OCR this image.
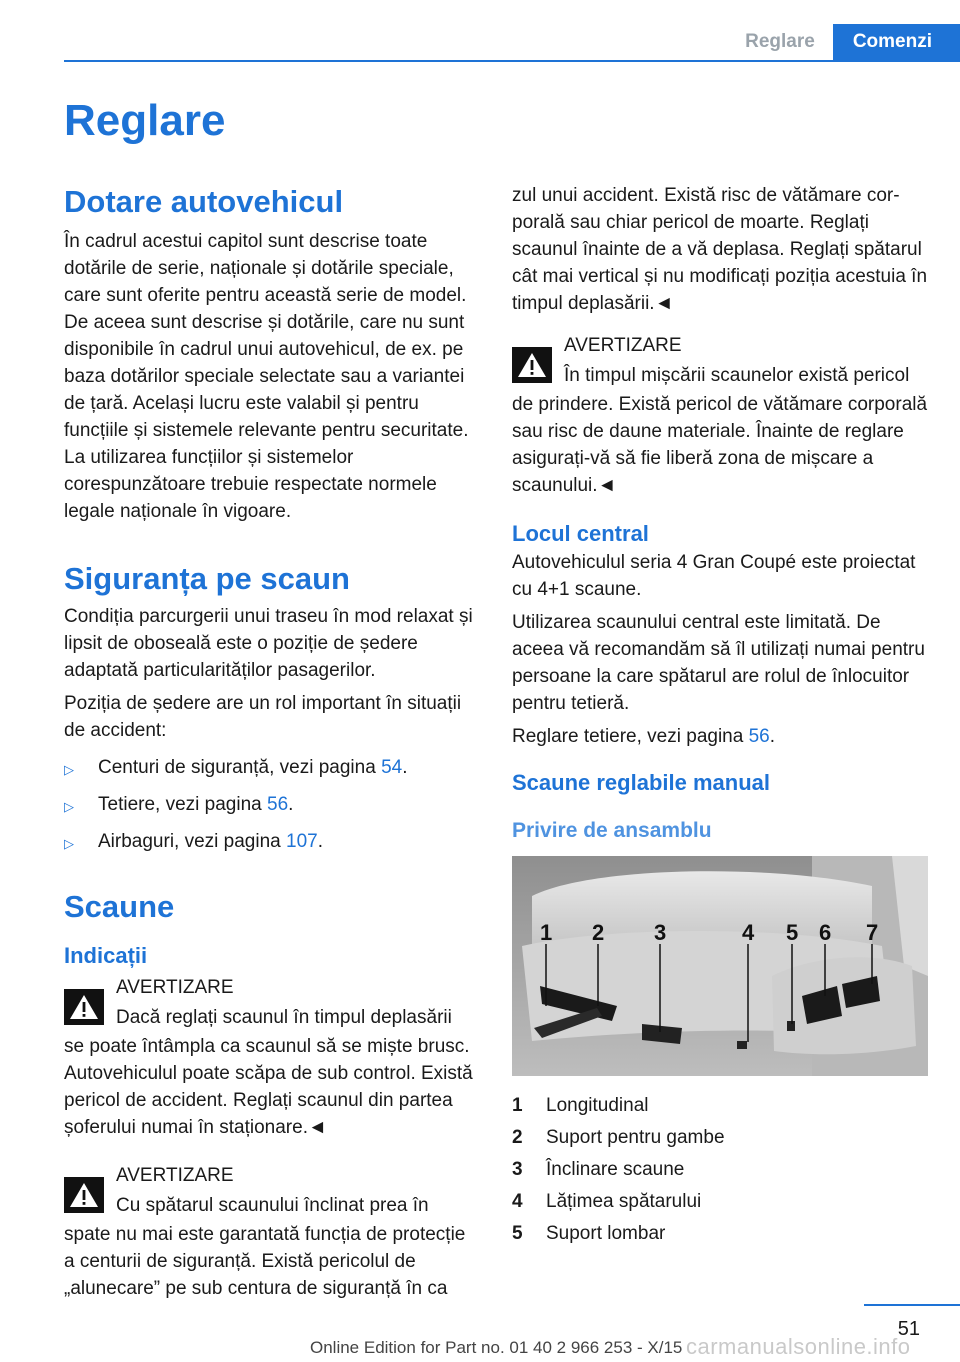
Reglare	Comenzi
Reglare
Dotare autovehicul

În cadrul acestui capitol sunt descrise toate dotările de serie, naționale și dotările speciale, care sunt oferite pentru această serie de model. De aceea sunt descrise și dotările, care nu sunt disponibile în cadrul unui autovehicul, de ex. pe baza dotărilor speciale selectate sau a variantei de țară. Același lucru este valabil și pentru funcțiile și sistemele relevante pentru securitate. La utilizarea funcțiilor și sistemelor corespunzătoare trebuie respectate normele legale naționale în vigoare.

Siguranța pe scaun

Condiția parcurgerii unui traseu în mod relaxat și lipsit de oboseală este o poziție de ședere adaptată particularităților pasagerilor.

Poziția de ședere are un rol important în situații de accident:

▷ Centuri de siguranță, vezi pagina 54.
▷ Tetiere, vezi pagina 56.
▷ Airbaguri, vezi pagina 107.
Scaune
Indicații
AVERTIZARE
Dacă reglați scaunul în timpul deplasării

se poate întâmpla ca scaunul să se miște brusc. Autovehiculul poate scăpa de sub control. Există pericol de accident. Reglați scaunul din partea șoferului numai în staționare.◄

AVERTIZARE
Cu spătarul scaunului înclinat prea în

spate nu mai este garantată funcția de protecție a centurii de siguranță. Există pericolul de „alunecare” pe sub centura de siguranță în ca

zul unui accident. Există risc de vătămare corporală sau chiar pericol de moarte. Reglați scaunul înainte de a vă deplasa. Reglați spătarul cât mai vertical și nu modificați poziția acestuia în timpul deplasării.◄

AVERTIZARE
În timpul mișcării scaunelor există pericol

de prindere. Există pericol de vătămare corporală sau risc de daune materiale. Înainte de reglare asigurați-vă să fie liberă zona de mișcare a scaunului.◄

Locul central

Autovehiculul seria 4 Gran Coupé este proiectat cu 4+1 scaune.

Utilizarea scaunului central este limitată. De aceea vă recomandăm să îl utilizați numai pentru persoane la care spătarul are rolul de înlocuitor pentru tetieră.

Reglare tetiere, vezi pagina 56.

Scaune reglabile manual
Privire de ansamblu
1 2 3	4 5 6 7
1	Longitudinal
2	Suport pentru gambe
3	Înclinare scaune
4	Lățimea spătarului
5	Suport lombar
51
Online Edition for Part no. 01 40 2 966 253 - X/15 carmanualsonline.info
